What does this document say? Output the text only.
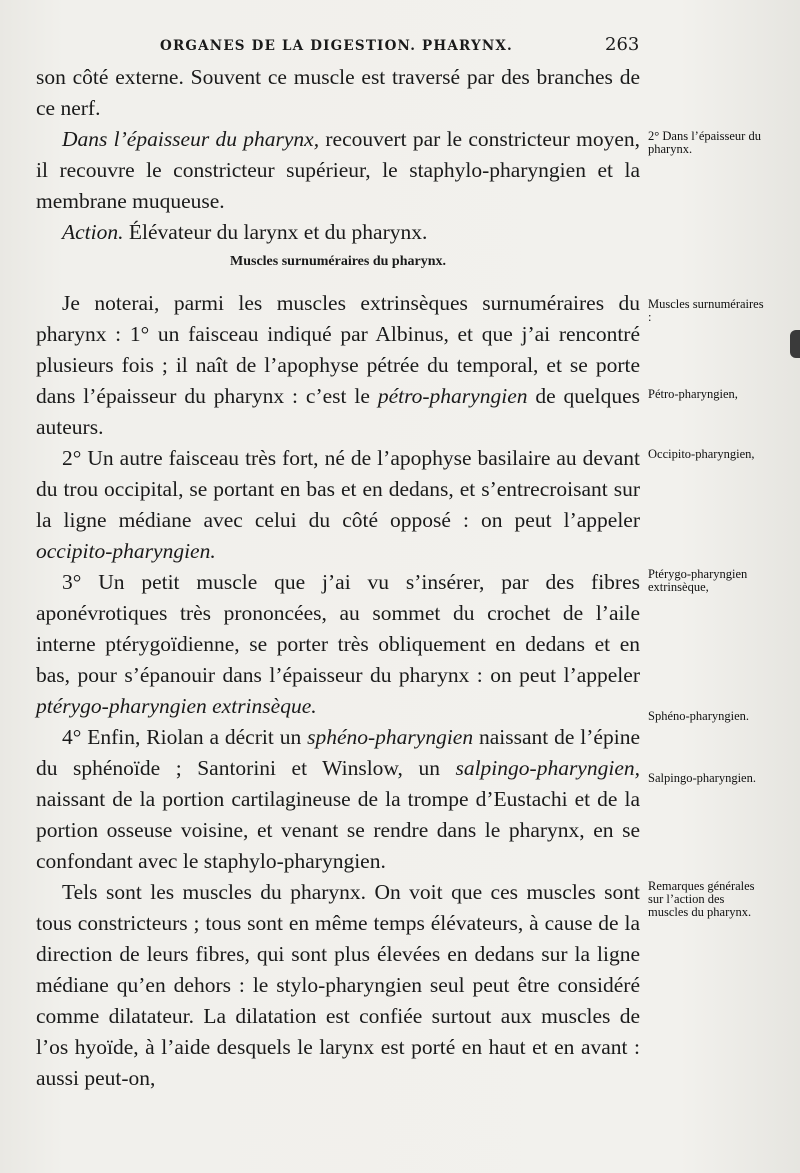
ORGANES DE LA DIGESTION. PHARYNX.	263

son côté externe. Souvent ce muscle est traversé par des branches de ce nerf.

Dans l’épaisseur du pharynx, recouvert par le constricteur moyen, il recouvre le constricteur supérieur, le staphylo-pharyngien et la membrane muqueuse.

Action. Élévateur du larynx et du pharynx.

Muscles surnuméraires du pharynx.

Je noterai, parmi les muscles extrinsèques surnuméraires du pharynx : 1° un faisceau indiqué par Albinus, et que j’ai rencontré plusieurs fois ; il naît de l’apophyse pétrée du temporal, et se porte dans l’épaisseur du pharynx : c’est le pétro-pharyngien de quelques auteurs.

2° Un autre faisceau très fort, né de l’apophyse basilaire au devant du trou occipital, se portant en bas et en dedans, et s’entrecroisant sur la ligne médiane avec celui du côté opposé : on peut l’appeler occipito-pharyngien.

3° Un petit muscle que j’ai vu s’insérer, par des fibres aponévrotiques très prononcées, au sommet du crochet de l’aile interne ptérygoïdienne, se porter très obliquement en dedans et en bas, pour s’épanouir dans l’épaisseur du pharynx : on peut l’appeler ptérygo-pharyngien extrinsèque.

4° Enfin, Riolan a décrit un sphéno-pharyngien naissant de l’épine du sphénoïde ; Santorini et Winslow, un salpingo-pharyngien, naissant de la portion cartilagineuse de la trompe d’Eustachi et de la portion osseuse voisine, et venant se rendre dans le pharynx, en se confondant avec le staphylo-pharyngien.

Tels sont les muscles du pharynx. On voit que ces muscles sont tous constricteurs ; tous sont en même temps élévateurs, à cause de la direction de leurs fibres, qui sont plus élevées en dedans sur la ligne médiane qu’en dehors : le stylo-pharyngien seul peut être considéré comme dilatateur. La dilatation est confiée surtout aux muscles de l’os hyoïde, à l’aide desquels le larynx est porté en haut et en avant : aussi peut-on,

2° Dans l’épaisseur du pharynx.
Muscles surnuméraires :
Pétro-pharyngien,
Occipito-pharyngien,
Ptérygo-pharyngien extrinsèque,
Sphéno-pharyngien.
Salpingo-pharyngien.
Remarques générales sur l’action des muscles du pharynx.
